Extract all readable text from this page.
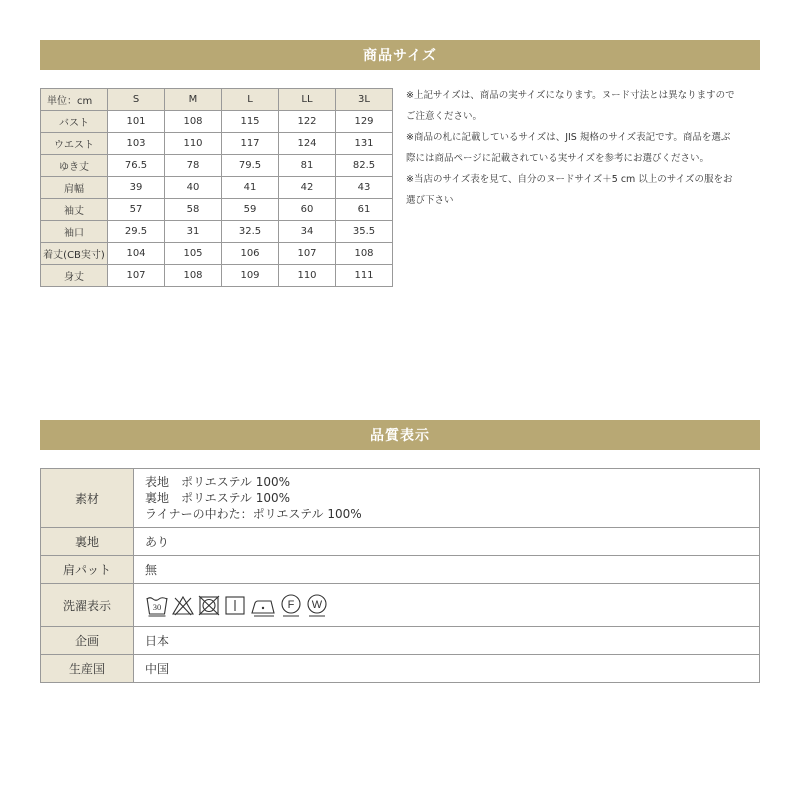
商品サイズ
単位：cm	S	M	L	LL	3L
バスト	101	108	115	122	129
ウエスト	103	110	117	124	131
ゆき丈	76.5	78	79.5	81	82.5
肩幅	39	40	41	42	43
袖丈	57	58	59	60	61
袖口	29.5	31	32.5	34	35.5
着丈(CB実寸)	104	105	106	107	108
身丈	107	108	109	110	111

※上記サイズは、商品の実サイズになります。ヌード寸法とは異なりますので

ご注意ください。

※商品の札に記載しているサイズは、JIS 規格のサイズ表記です。商品を選ぶ

際には商品ページに記載されている実サイズを参考にお選びください。

※当店のサイズ表を見て、自分のヌードサイズ＋5 cm 以上のサイズの服をお

選び下さい

品質表示
素材	表地　ポリエステル 100%
裏地　ポリエステル 100%
ライナーの中わた：ポリエステル 100%

裏地	あり
肩パット	無
洗濯表示	30 F W

企画	日本
生産国	中国
